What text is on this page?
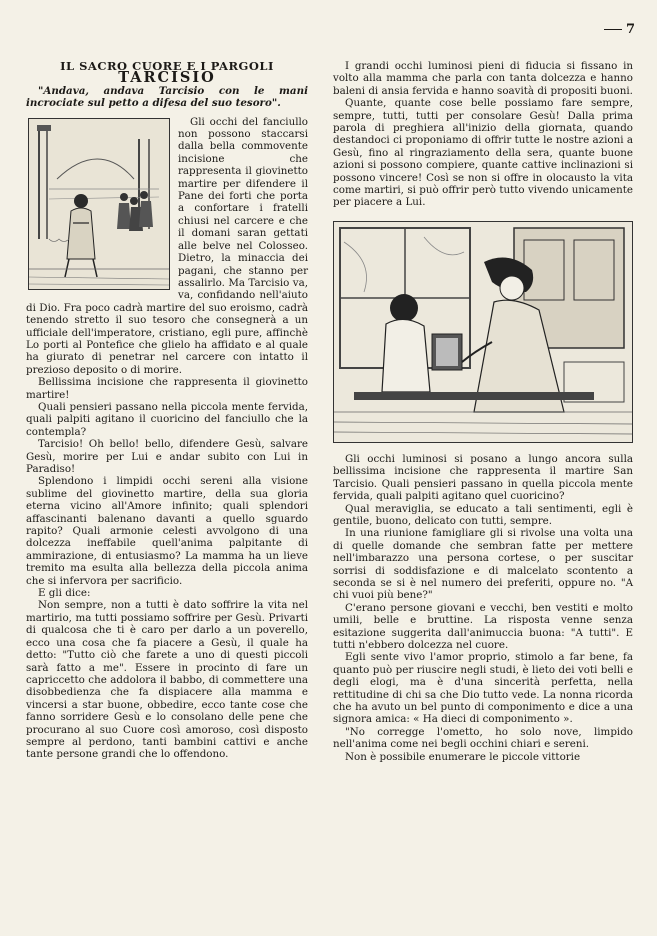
7

IL SACRO CUORE E I PARGOLI

TARCISIO

"Andava, andava Tarcisio con le mani incrociate sul petto a difesa del suo tesoro".

Gli occhi del fanciullo non possono staccarsi dalla bella commovente incisione che rappresenta il giovinetto martire per difendere il Pane dei forti che porta a confortare i fratelli chiusi nel carcere e che il domani saran gettati alle belve nel Colosseo. Dietro, la minaccia dei pagani, che stanno per assalirlo. Ma Tarcisio va, va, confidando nell'aiuto di Dio. Fra poco cadrà martire del suo eroismo, cadrà tenendo stretto il suo tesoro che consegnerà a un ufficiale dell'imperatore, cristiano, egli pure, affinchè Lo porti al Pontefice che glielo ha affidato e al quale ha giurato di penetrar nel carcere con intatto il prezioso deposito o di morire.

Bellissima incisione che rappresenta il giovinetto martire!

Quali pensieri passano nella piccola mente fervida, quali palpiti agitano il cuoricino del fanciullo che la contempla?

Tarcisio! Oh bello! bello, difendere Gesù, salvare Gesù, morire per Lui e andar subito con Lui in Paradiso!

Splendono i limpidi occhi sereni alla visione sublime del giovinetto martire, della sua gloria eterna vicino all'Amore infinito; quali splendori affascinanti balenano davanti a quello sguardo rapito? Quali armonie celesti avvolgono di una dolcezza ineffabile quell'anima palpitante di ammirazione, di entusiasmo? La mamma ha un lieve tremito ma esulta alla bellezza della piccola anima che si infervora per sacrificio.

E gli dice:

Non sempre, non a tutti è dato soffrire la vita nel martirio, ma tutti possiamo soffrire per Gesù. Privarti di qualcosa che ti è caro per darlo a un poverello, ecco una cosa che fa piacere a Gesù, il quale ha detto: "Tutto ciò che farete a uno di questi piccoli sarà fatto a me". Essere in procinto di fare un capriccetto che addolora il babbo, di commettere una disobbedienza che fa dispiacere alla mamma e vincersi a star buone, obbedire, ecco tante cose che fanno sorridere Gesù e lo consolano delle pene che procurano al suo Cuore così amoroso, così disposto sempre al perdono, tanti bambini cattivi e anche tante persone grandi che lo offendono.

I grandi occhi luminosi pieni di fiducia si fissano in volto alla mamma che parla con tanta dolcezza e hanno baleni di ansia fervida e hanno soavità di propositi buoni.

Quante, quante cose belle possiamo fare sempre, sempre, tutti, tutti per consolare Gesù! Dalla prima parola di preghiera all'inizio della giornata, quando destandoci ci proponiamo di offrir tutte le nostre azioni a Gesù, fino al ringraziamento della sera, quante buone azioni si possono compiere, quante cattive inclinazioni si possono vincere! Così se non si offre in olocausto la vita come martiri, si può offrir però tutto vivendo unicamente per piacere a Lui.

Gli occhi luminosi si posano a lungo ancora sulla bellissima incisione che rappresenta il martire San Tarcisio. Quali pensieri passano in quella piccola mente fervida, quali palpiti agitano quel cuoricino?

Qual meraviglia, se educato a tali sentimenti, egli è gentile, buono, delicato con tutti, sempre.

In una riunione famigliare gli si rivolse una volta una di quelle domande che sembran fatte per mettere nell'imbarazzo una persona cortese, o per suscitar sorrisi di soddisfazione e di malcelato scontento a seconda se si è nel numero dei preferiti, oppure no. "A chi vuoi più bene?"

C'erano persone giovani e vecchi, ben vestiti e molto umili, belle e bruttine. La risposta venne senza esitazione suggerita dall'animuccia buona: "A tutti". E tutti n'ebbero dolcezza nel cuore.

Egli sente vivo l'amor proprio, stimolo a far bene, fa quanto può per riuscire negli studi, è lieto dei voti belli e degli elogi, ma è d'una sincerità perfetta, nella rettitudine di chi sa che Dio tutto vede. La nonna ricorda che ha avuto un bel punto di componimento e dice a una signora amica: « Ha dieci di componimento ».

"No corregge l'ometto, ho solo nove, limpido nell'anima come nei begli occhini chiari e sereni.

Non è possibile enumerare le piccole vittorie
